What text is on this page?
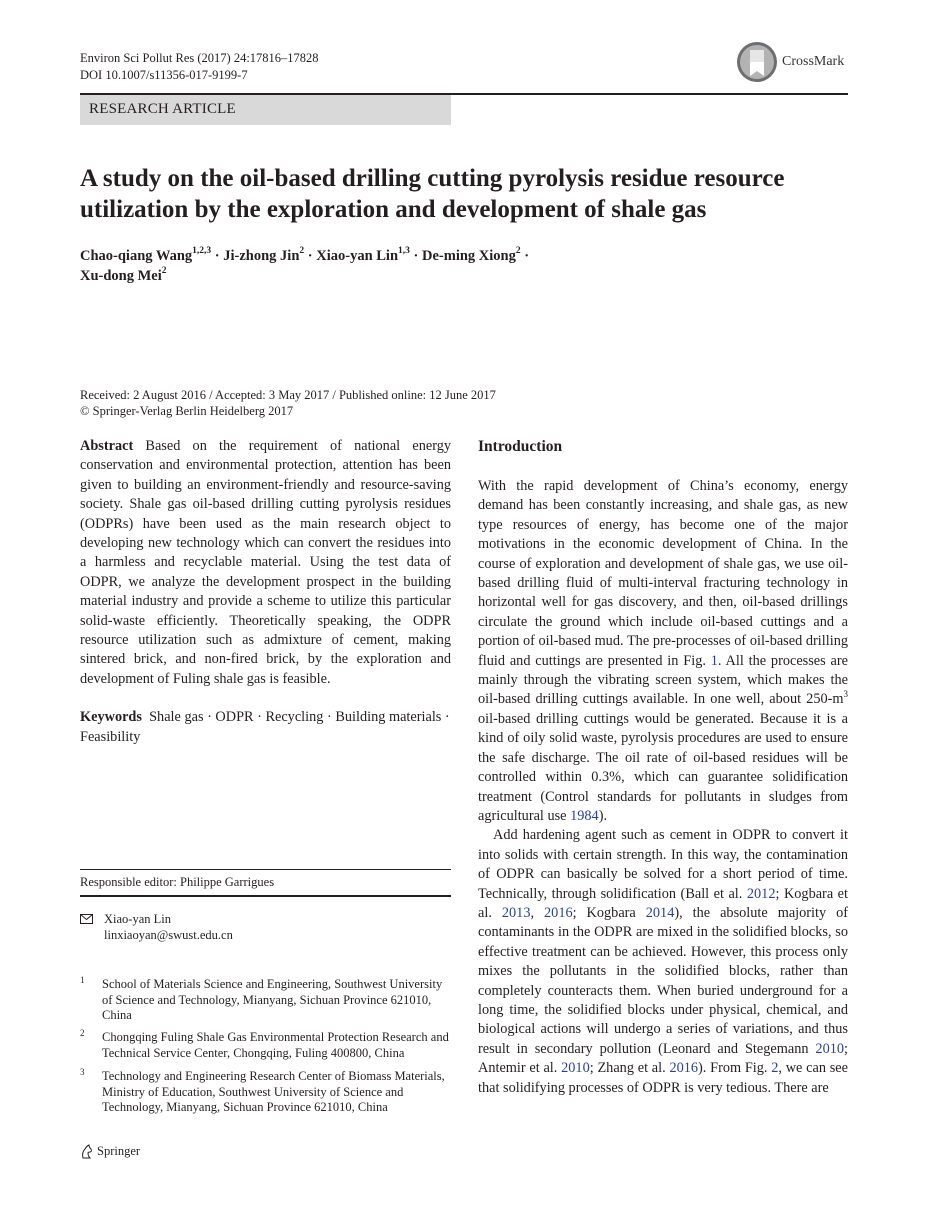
Environ Sci Pollut Res (2017) 24:17816–17828
DOI 10.1007/s11356-017-9199-7
CrossMark
RESEARCH ARTICLE
A study on the oil-based drilling cutting pyrolysis residue resource utilization by the exploration and development of shale gas
Chao-qiang Wang$^{1,2,3}$ · Ji-zhong Jin$^2$ · Xiao-yan Lin$^{1,3}$ · De-ming Xiong$^2$ ·
Xu-dong Mei$^2$
Received: 2 August 2016 / Accepted: 3 May 2017 / Published online: 12 June 2017
© Springer-Verlag Berlin Heidelberg 2017

Abstract Based on the requirement of national energy conservation and environmental protection, attention has been given to building an environment-friendly and resource-saving society. Shale gas oil-based drilling cutting pyrolysis residues (ODPRs) have been used as the main research object to developing new technology which can convert the residues into a harmless and recyclable material. Using the test data of ODPR, we analyze the development prospect in the building material industry and provide a scheme to utilize this particular solid-waste efficiently. Theoretically speaking, the ODPR resource utilization such as admixture of cement, making sintered brick, and non-fired brick, by the exploration and development of Fuling shale gas is feasible.

Keywords Shale gas · ODPR · Recycling · Building materials · Feasibility

Responsible editor: Philippe Garrigues
Xiao-yan Lin
linxiaoyan@swust.edu.cn
1 School of Materials Science and Engineering, Southwest University of Science and Technology, Mianyang, Sichuan Province 621010, China
2 Chongqing Fuling Shale Gas Environmental Protection Research and Technical Service Center, Chongqing, Fuling 400800, China
3 Technology and Engineering Research Center of Biomass Materials, Ministry of Education, Southwest University of Science and Technology, Mianyang, Sichuan Province 621010, China
Introduction

With the rapid development of China’s economy, energy demand has been constantly increasing, and shale gas, as new type resources of energy, has become one of the major motivations in the economic development of China. In the course of exploration and development of shale gas, we use oil-based drilling fluid of multi-interval fracturing technology in horizontal well for gas discovery, and then, oil-based drillings circulate the ground which include oil-based cuttings and a portion of oil-based mud. The pre-processes of oil-based drilling fluid and cuttings are presented in Fig. 1. All the processes are mainly through the vibrating screen system, which makes the oil-based drilling cuttings available. In one well, about $250-m^3$ oil-based drilling cuttings would be generated. Because it is a kind of oily solid waste, pyrolysis procedures are used to ensure the safe discharge. The oil rate of oil-based residues will be controlled within 0.3%, which can guarantee solidification treatment (Control standards for pollutants in sludges from agricultural use 1984).

Add hardening agent such as cement in ODPR to convert it into solids with certain strength. In this way, the contamination of ODPR can basically be solved for a short period of time. Technically, through solidification (Ball et al. 2012; Kogbara et al. 2013, 2016; Kogbara 2014), the absolute majority of contaminants in the ODPR are mixed in the solidified blocks, so effective treatment can be achieved. However, this process only mixes the pollutants in the solidified blocks, rather than completely counteracts them. When buried underground for a long time, the solidified blocks under physical, chemical, and biological actions will undergo a series of variations, and thus result in secondary pollution (Leonard and Stegemann 2010; Antemir et al. 2010; Zhang et al. 2016). From Fig. 2, we can see that solidifying processes of ODPR is very tedious. There are

Springer
